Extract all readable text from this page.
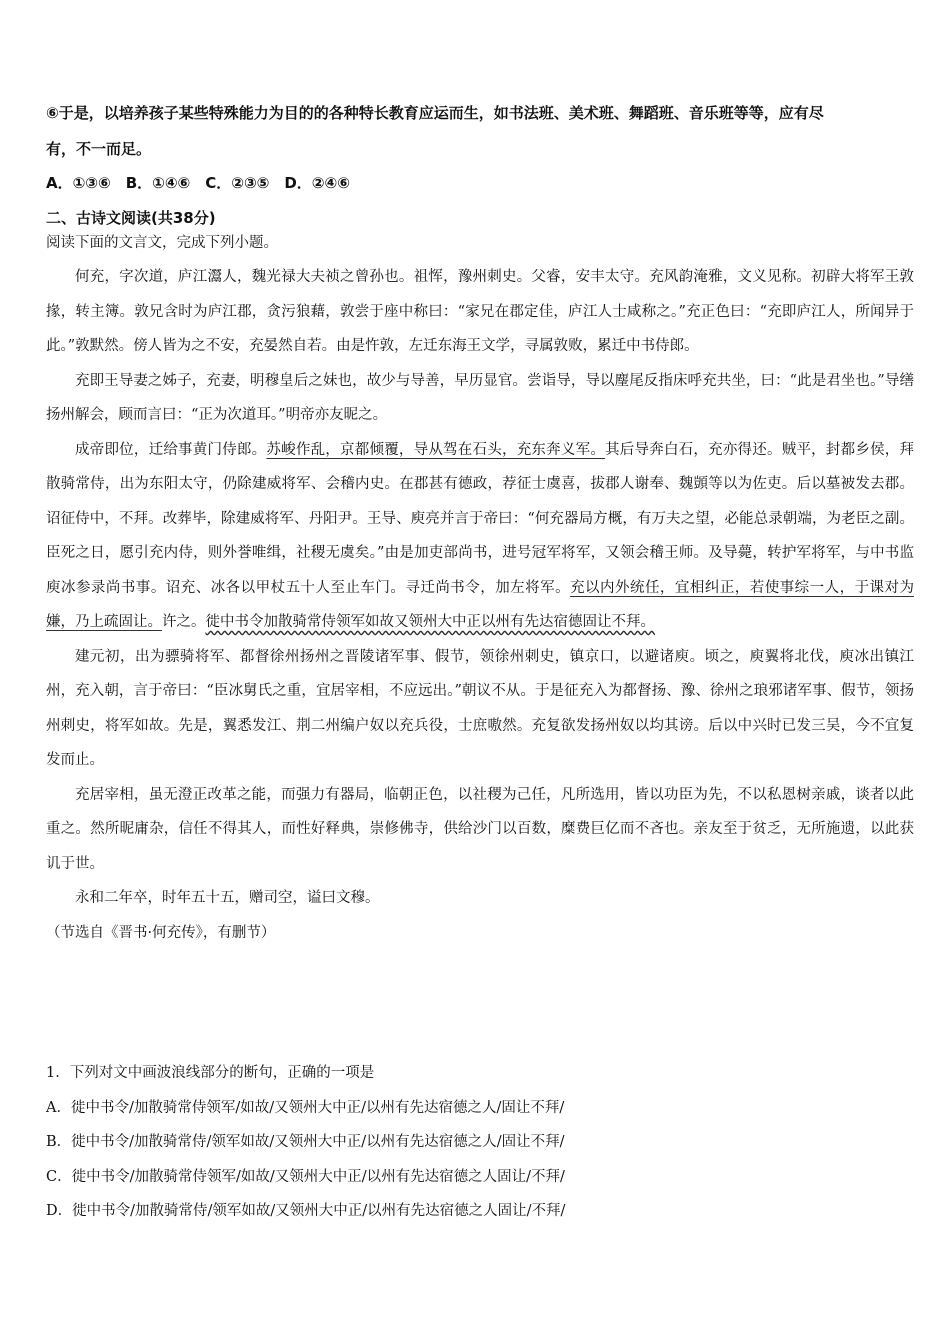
⑥于是，以培养孩子某些特殊能力为目的的各种特长教育应运而生，如书法班、美术班、舞蹈班、音乐班等等，应有尽

有，不一而足。

A．①③⑥　B．①④⑥　C．②③⑤　D．②④⑥

二、古诗文阅读(共38分)

阅读下面的文言文，完成下列小题。

何充，字次道，庐江灊人，魏光禄大夫祯之曾孙也。祖恽，豫州刺史。父睿，安丰太守。充风韵淹雅，文义见称。初辟大将军王敦掾，转主簿。敦兄含时为庐江郡，贪污狼藉，敦尝于座中称曰：“家兄在郡定佳，庐江人士咸称之。”充正色曰：“充即庐江人，所闻异于此。”敦默然。傍人皆为之不安，充晏然自若。由是忤敦，左迁东海王文学，寻属敦败，累迁中书侍郎。

充即王导妻之姊子，充妻，明穆皇后之妹也，故少与导善，早历显官。尝诣导，导以麈尾反指床呼充共坐，曰：“此是君坐也。”导缮扬州解会，顾而言曰：“正为次道耳。”明帝亦友昵之。

成帝即位，迁给事黄门侍郎。苏峻作乱，京都倾覆，导从驾在石头，充东奔义军。其后导奔白石，充亦得还。贼平，封都乡侯，拜散骑常侍，出为东阳太守，仍除建威将军、会稽内史。在郡甚有德政，荐征士虞喜，拔郡人谢奉、魏顗等以为佐吏。后以墓被发去郡。诏征侍中，不拜。改葬毕，除建威将军、丹阳尹。王导、庾亮并言于帝曰：“何充器局方概，有万夫之望，必能总录朝端，为老臣之副。臣死之日，愿引充内侍，则外誉唯缉，社稷无虞矣。”由是加吏部尚书，进号冠军将军，又领会稽王师。及导薨，转护军将军，与中书监庾冰参录尚书事。诏充、冰各以甲杖五十人至止车门。寻迁尚书令，加左将军。充以内外统任，宜相纠正，若使事综一人，于课对为嫌，乃上疏固让。许之。徙中书令加散骑常侍领军如故又领州大中正以州有先达宿德固让不拜。

建元初，出为骠骑将军、都督徐州扬州之晋陵诸军事、假节，领徐州刺史，镇京口，以避诸庾。顷之，庾翼将北伐，庾冰出镇江州，充入朝，言于帝曰：“臣冰舅氏之重，宜居宰相，不应远出。”朝议不从。于是征充入为都督扬、豫、徐州之琅邪诸军事、假节，领扬州刺史，将军如故。先是，翼悉发江、荆二州编户奴以充兵役，士庶嗷然。充复欲发扬州奴以均其谤。后以中兴时已发三吴，今不宜复发而止。

充居宰相，虽无澄正改革之能，而强力有器局，临朝正色，以社稷为己任，凡所选用，皆以功臣为先，不以私恩树亲戚，谈者以此重之。然所昵庸杂，信任不得其人，而性好释典，崇修佛寺，供给沙门以百数，糜费巨亿而不吝也。亲友至于贫乏，无所施遗，以此获讥于世。

永和二年卒，时年五十五，赠司空，谥曰文穆。

（节选自《晋书·何充传》，有删节）

1．下列对文中画波浪线部分的断句，正确的一项是

A．徙中书令/加散骑常侍领军/如故/又领州大中正/以州有先达宿德之人/固让不拜/

B．徙中书令/加散骑常侍/领军如故/又领州大中正/以州有先达宿德之人/固让不拜/

C．徙中书令/加散骑常侍领军/如故/又领州大中正/以州有先达宿德之人固让/不拜/

D．徙中书令/加散骑常侍/领军如故/又领州大中正/以州有先达宿德之人固让/不拜/
